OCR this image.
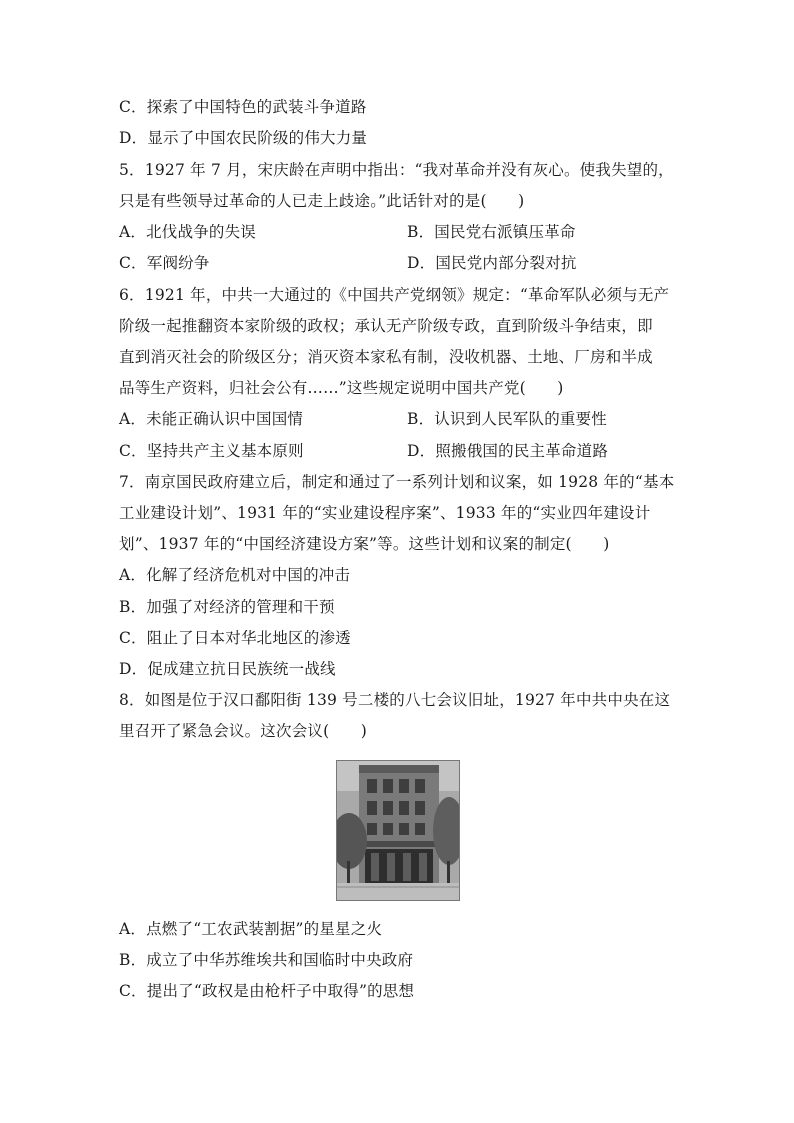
C．探索了中国特色的武装斗争道路
D．显示了中国农民阶级的伟大力量
5．1927 年 7 月，宋庆龄在声明中指出：“我对革命并没有灰心。使我失望的，
只是有些领导过革命的人已走上歧途。”此话针对的是(　　)
A．北伐战争的失误	B．国民党右派镇压革命
C．军阀纷争	D．国民党内部分裂对抗
6．1921 年，中共一大通过的《中国共产党纲领》规定：“革命军队必须与无产
阶级一起推翻资本家阶级的政权；承认无产阶级专政，直到阶级斗争结束，即
直到消灭社会的阶级区分；消灭资本家私有制，没收机器、土地、厂房和半成
品等生产资料，归社会公有……”这些规定说明中国共产党(　　)
A．未能正确认识中国国情	B．认识到人民军队的重要性
C．坚持共产主义基本原则	D．照搬俄国的民主革命道路
7．南京国民政府建立后，制定和通过了一系列计划和议案，如 1928 年的“基本
工业建设计划”、1931 年的“实业建设程序案”、1933 年的“实业四年建设计
划”、1937 年的“中国经济建设方案”等。这些计划和议案的制定(　　)
A．化解了经济危机对中国的冲击
B．加强了对经济的管理和干预
C．阻止了日本对华北地区的渗透
D．促成建立抗日民族统一战线
8．如图是位于汉口鄱阳街 139 号二楼的八七会议旧址，1927 年中共中央在这
里召开了紧急会议。这次会议(　　)
A．点燃了“工农武装割据”的星星之火
B．成立了中华苏维埃共和国临时中央政府
C．提出了“政权是由枪杆子中取得”的思想
